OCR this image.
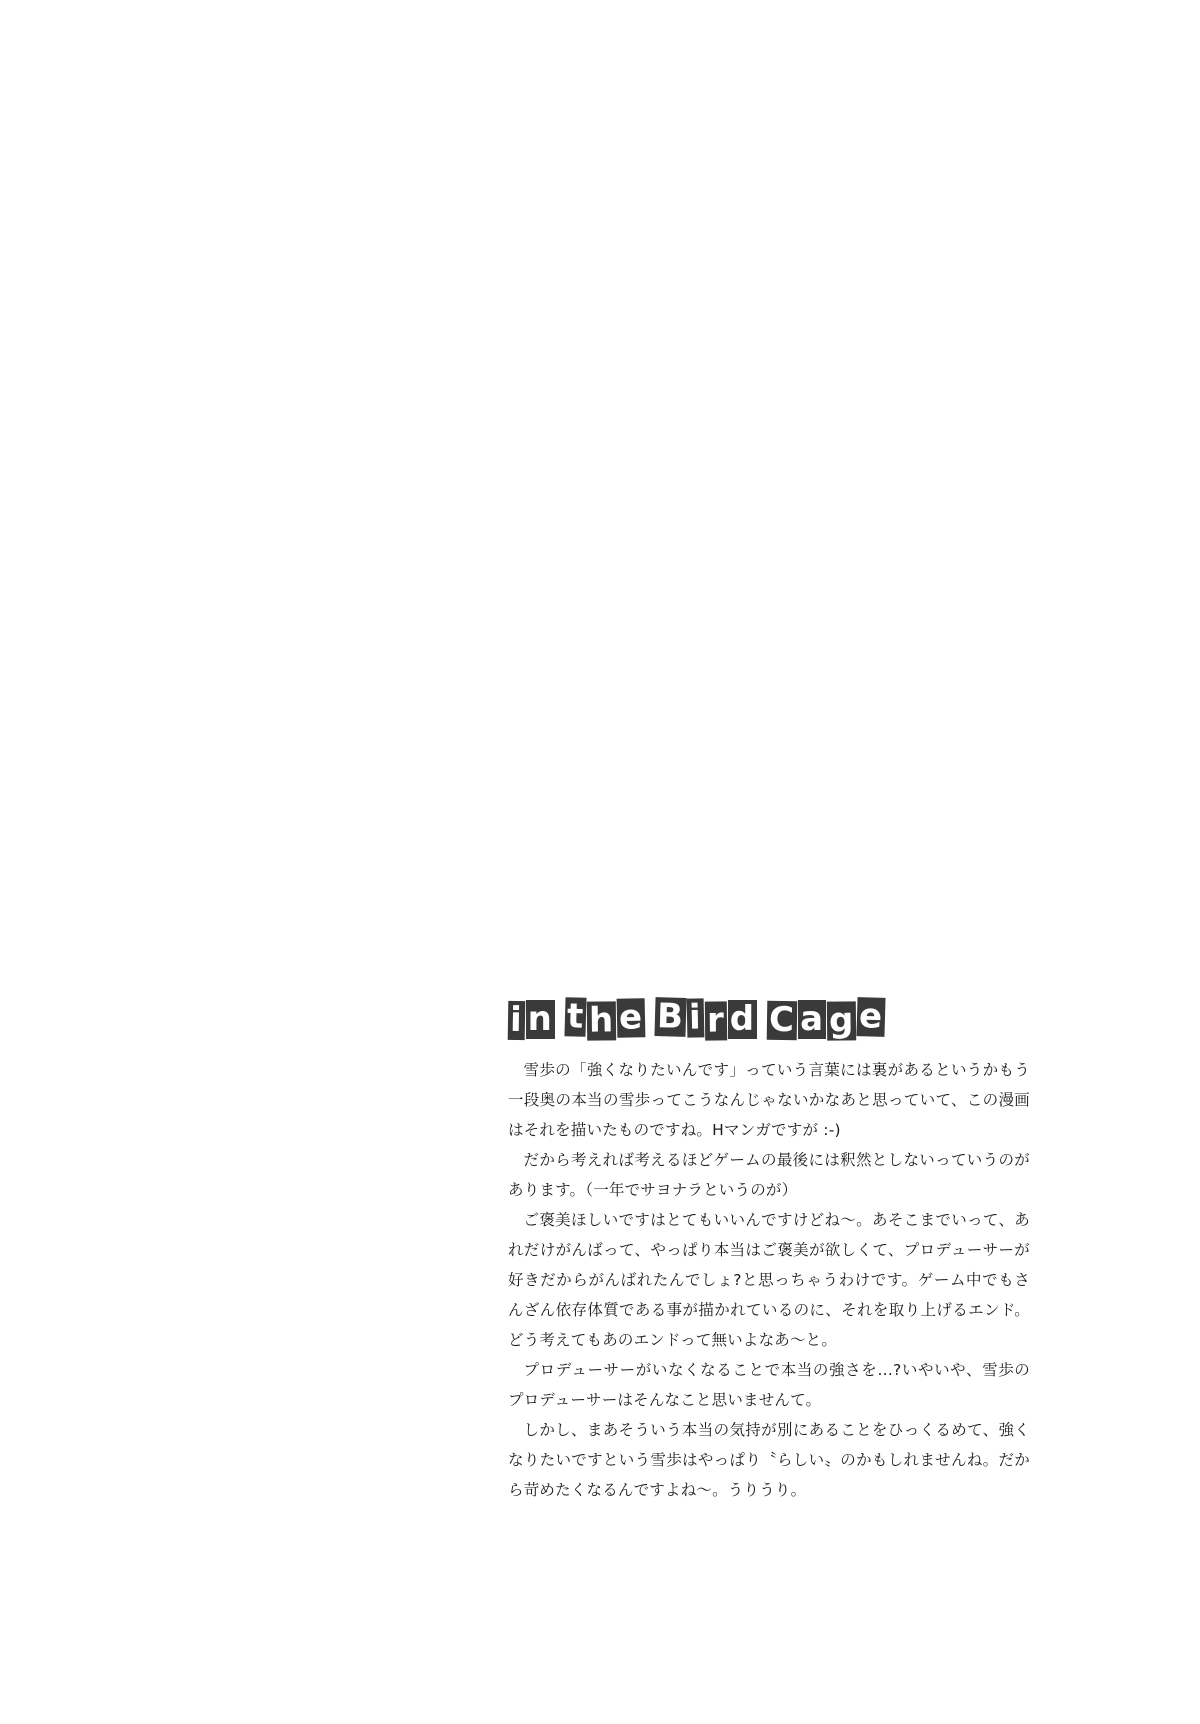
i n t h e B i r d C a g e

雪歩の「強くなりたいんです」っていう言葉には裏があるというかもう一段奥の本当の雪歩ってこうなんじゃないかなあと思っていて、この漫画はそれを描いたものですね。Hマンガですが :-)

だから考えれば考えるほどゲームの最後には釈然としないっていうのがあります。（一年でサヨナラというのが）

ご褒美ほしいですはとてもいいんですけどね〜。あそこまでいって、あれだけがんばって、やっぱり本当はご褒美が欲しくて、プロデューサーが好きだからがんばれたんでしょ?と思っちゃうわけです。ゲーム中でもさんざん依存体質である事が描かれているのに、それを取り上げるエンド。どう考えてもあのエンドって無いよなあ〜と。

プロデューサーがいなくなることで本当の強さを…?いやいや、雪歩のプロデューサーはそんなこと思いませんて。

しかし、まあそういう本当の気持が別にあることをひっくるめて、強くなりたいですという雪歩はやっぱり〝らしい〟のかもしれませんね。だから苛めたくなるんですよね〜。うりうり。
